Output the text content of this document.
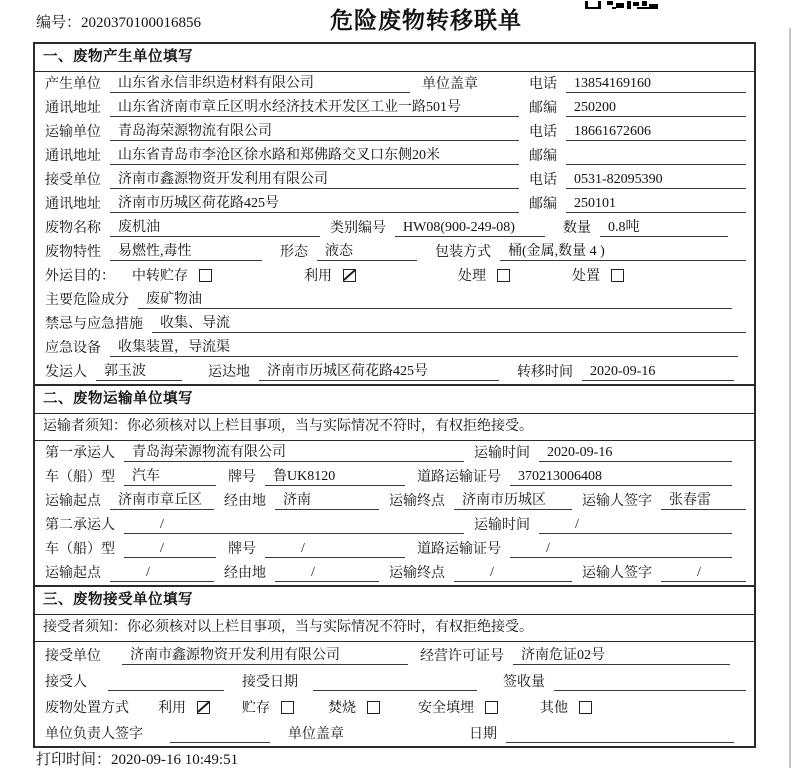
编号：2020370100016856	危险废物转移联单
一、废物产生单位填写
产生单位	山东省永信非织造材料有限公司	单位盖章	电话	13854169160
通讯地址	山东省济南市章丘区明水经济技术开发区工业一路501号	邮编	250200
运输单位	青岛海荣源物流有限公司	电话	18661672606
通讯地址	山东省青岛市李沧区徐水路和郑佛路交叉口东侧20米	邮编
接受单位	济南市鑫源物资开发利用有限公司	电话	0531-82095390
通讯地址	济南市历城区荷花路425号	邮编	250101
废物名称	废机油	类别编号	HW08(900-249-08)	数量	0.8吨
废物特性	易燃性,毒性	形态	液态	包装方式	桶(金属,数量 4 )
外运目的：	中转贮存	利用	处理	处置
主要危险成分	废矿物油
禁忌与应急措施	收集、导流
应急设备	收集装置，导流渠
发运人	郭玉波	运达地	济南市历城区荷花路425号	转移时间	2020-09-16
二、废物运输单位填写
运输者须知：你必须核对以上栏目事项，当与实际情况不符时，有权拒绝接受。
第一承运人	青岛海荣源物流有限公司	运输时间	2020-09-16
车（船）型	汽车	牌号	鲁UK8120	道路运输证号	370213006408
运输起点	济南市章丘区	经由地	济南	运输终点	济南市历城区	运输人签字	张春雷
第二承运人	/	运输时间	/
车（船）型	/	牌号	/	道路运输证号	/
运输起点	/	经由地	/	运输终点	/	运输人签字	/
三、废物接受单位填写
接受者须知：你必须核对以上栏目事项，当与实际情况不符时，有权拒绝接受。
接受单位	济南市鑫源物资开发利用有限公司	经营许可证号	济南危证02号
接受人	接受日期	签收量
废物处置方式	利用	贮存	焚烧	安全填埋	其他
单位负责人签字	单位盖章	日期
打印时间：2020-09-16 10:49:51
